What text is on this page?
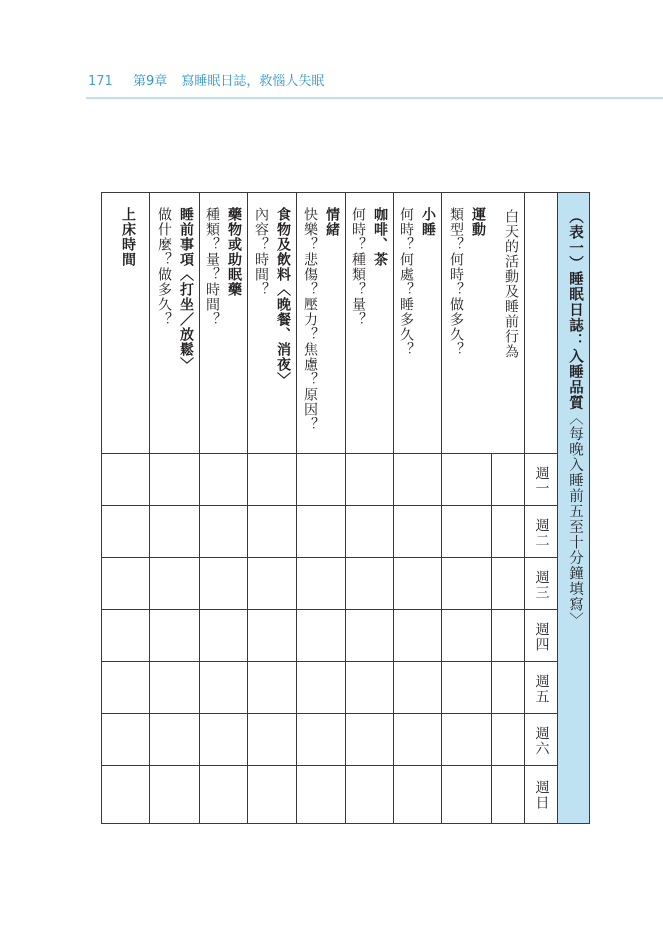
171 第9章 寫睡眠日誌，救惱人失眠
（表一）睡眠日誌：入睡品質〈每晚入睡前五至十分鐘填寫〉
週一
週二
週三
週四
週五
週六
週日
白天的活動及睡前行為
運動
類型？何時？做多久？
小睡
何時？何處？睡多久？
咖啡、茶
何時？種類？量？
情緒
快樂？悲傷？壓力？焦慮？原因？
食物及飲料〈晚餐、消夜〉
內容？時間？
藥物或助眠藥
種類？量？時間？
睡前事項〈打坐／放鬆〉
做什麼？做多久？
上床時間
